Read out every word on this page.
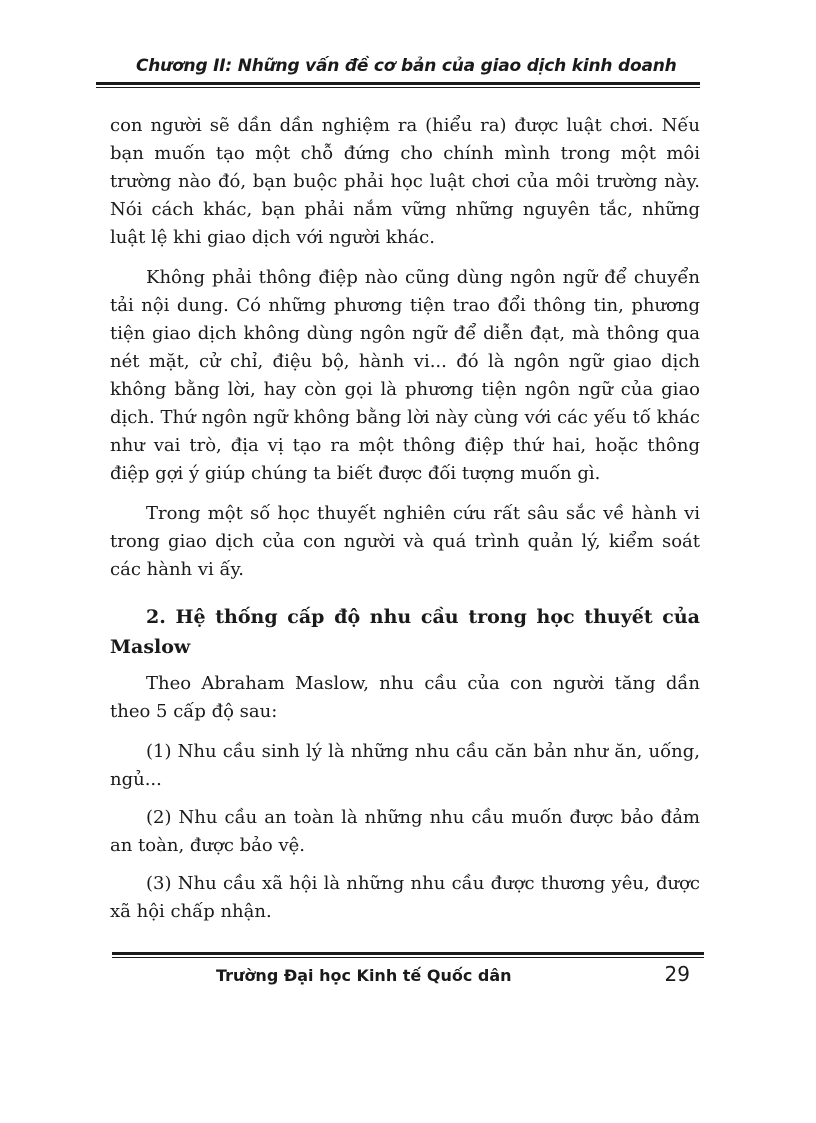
Chương II: Những vấn đề cơ bản của giao dịch kinh doanh

con người sẽ dần dần nghiệm ra (hiểu ra) được luật chơi. Nếu bạn muốn tạo một chỗ đứng cho chính mình trong một môi trường nào đó, bạn buộc phải học luật chơi của môi trường này. Nói cách khác, bạn phải nắm vững những nguyên tắc, những luật lệ khi giao dịch với người khác.

Không phải thông điệp nào cũng dùng ngôn ngữ để chuyển tải nội dung. Có những phương tiện trao đổi thông tin, phương tiện giao dịch không dùng ngôn ngữ để diễn đạt, mà thông qua nét mặt, cử chỉ, điệu bộ, hành vi... đó là ngôn ngữ giao dịch không bằng lời, hay còn gọi là phương tiện ngôn ngữ của giao dịch. Thứ ngôn ngữ không bằng lời này cùng với các yếu tố khác như vai trò, địa vị tạo ra một thông điệp thứ hai, hoặc thông điệp gợi ý giúp chúng ta biết được đối tượng muốn gì.

Trong một số học thuyết nghiên cứu rất sâu sắc về hành vi trong giao dịch của con người và quá trình quản lý, kiểm soát các hành vi ấy.

2. Hệ thống cấp độ nhu cầu trong học thuyết của Maslow

Theo Abraham Maslow, nhu cầu của con người tăng dần theo 5 cấp độ sau:

(1) Nhu cầu sinh lý là những nhu cầu căn bản như ăn, uống, ngủ...

(2) Nhu cầu an toàn là những nhu cầu muốn được bảo đảm an toàn, được bảo vệ.

(3) Nhu cầu xã hội là những nhu cầu được thương yêu, được xã hội chấp nhận.

Trường Đại học Kinh tế Quốc dân	29
